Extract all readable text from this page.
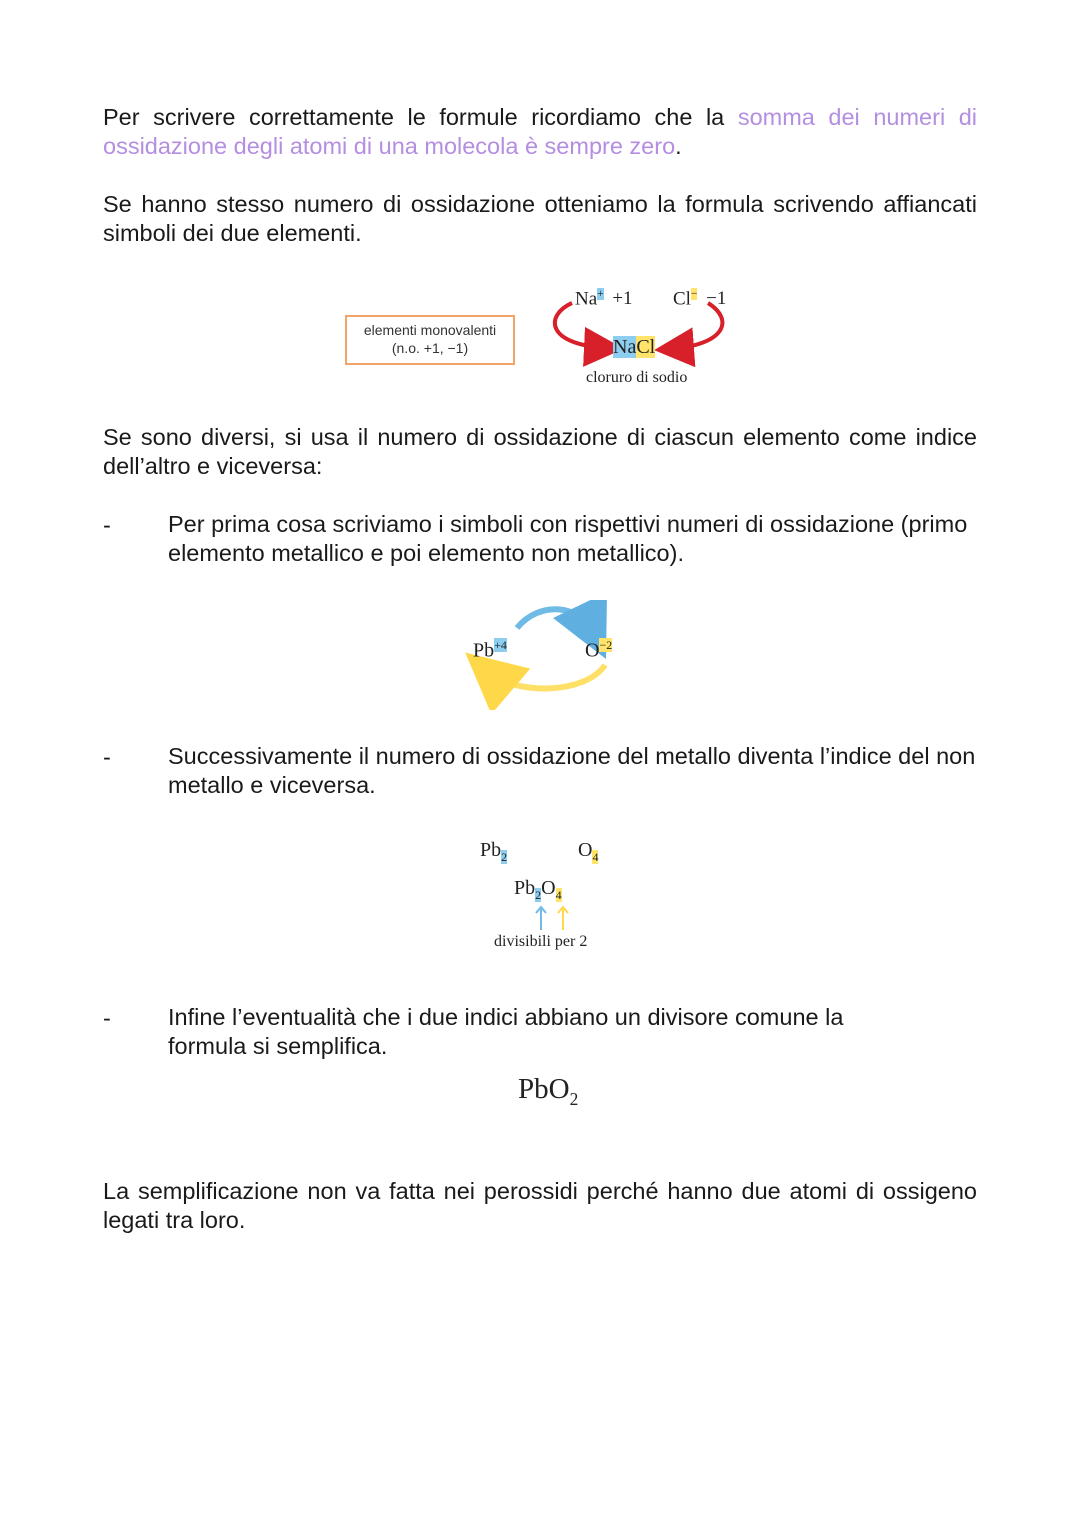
Per scrivere correttamente le formule ricordiamo che la somma dei numeri di ossidazione degli atomi di una molecola è sempre zero.

Se hanno stesso numero di ossidazione otteniamo la formula scrivendo affiancati simboli dei due elementi.

elementi monovalenti
(n.o. +1, −1)
Na+ +1 Cl− −1
NaCl
cloruro di sodio

Se sono diversi, si usa il numero di ossidazione di ciascun elemento come indice dell’altro e viceversa:

- Per prima cosa scriviamo i simboli con rispettivi numeri di ossidazione (primo elemento metallico e poi elemento non metallico).

$Pb^{+4}$	$O^{-2}$
- Successivamente il numero di ossidazione del metallo diventa l’indice del non metallo e viceversa.

$Pb_2$	$O_4$
$Pb_2O_4$
divisibili per 2
- Infine l’eventualità che i due indici abbiano un divisore comune la formula si semplifica.

PbO$_2$

La semplificazione non va fatta nei perossidi perché hanno due atomi di ossigeno legati tra loro.
